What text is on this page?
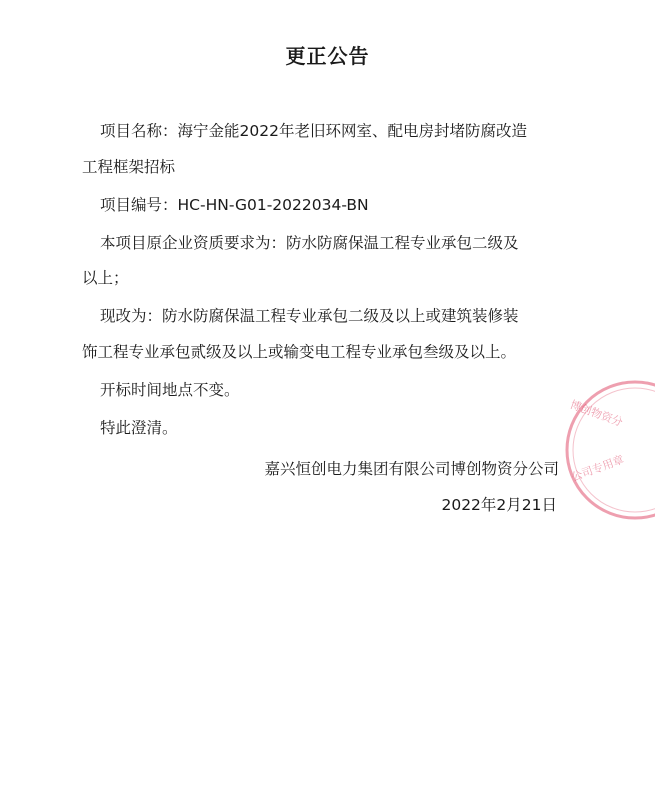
更正公告
项目名称：海宁金能2022年老旧环网室、配电房封堵防腐改造
工程框架招标
项目编号：HC-HN-G01-2022034-BN
本项目原企业资质要求为：防水防腐保温工程专业承包二级及
以上；
现改为：防水防腐保温工程专业承包二级及以上或建筑装修装
饰工程专业承包贰级及以上或输变电工程专业承包叁级及以上。
开标时间地点不变。
特此澄清。
嘉兴恒创电力集团有限公司博创物资分公司
2022年2月21日
博创物资分
公司专用章
